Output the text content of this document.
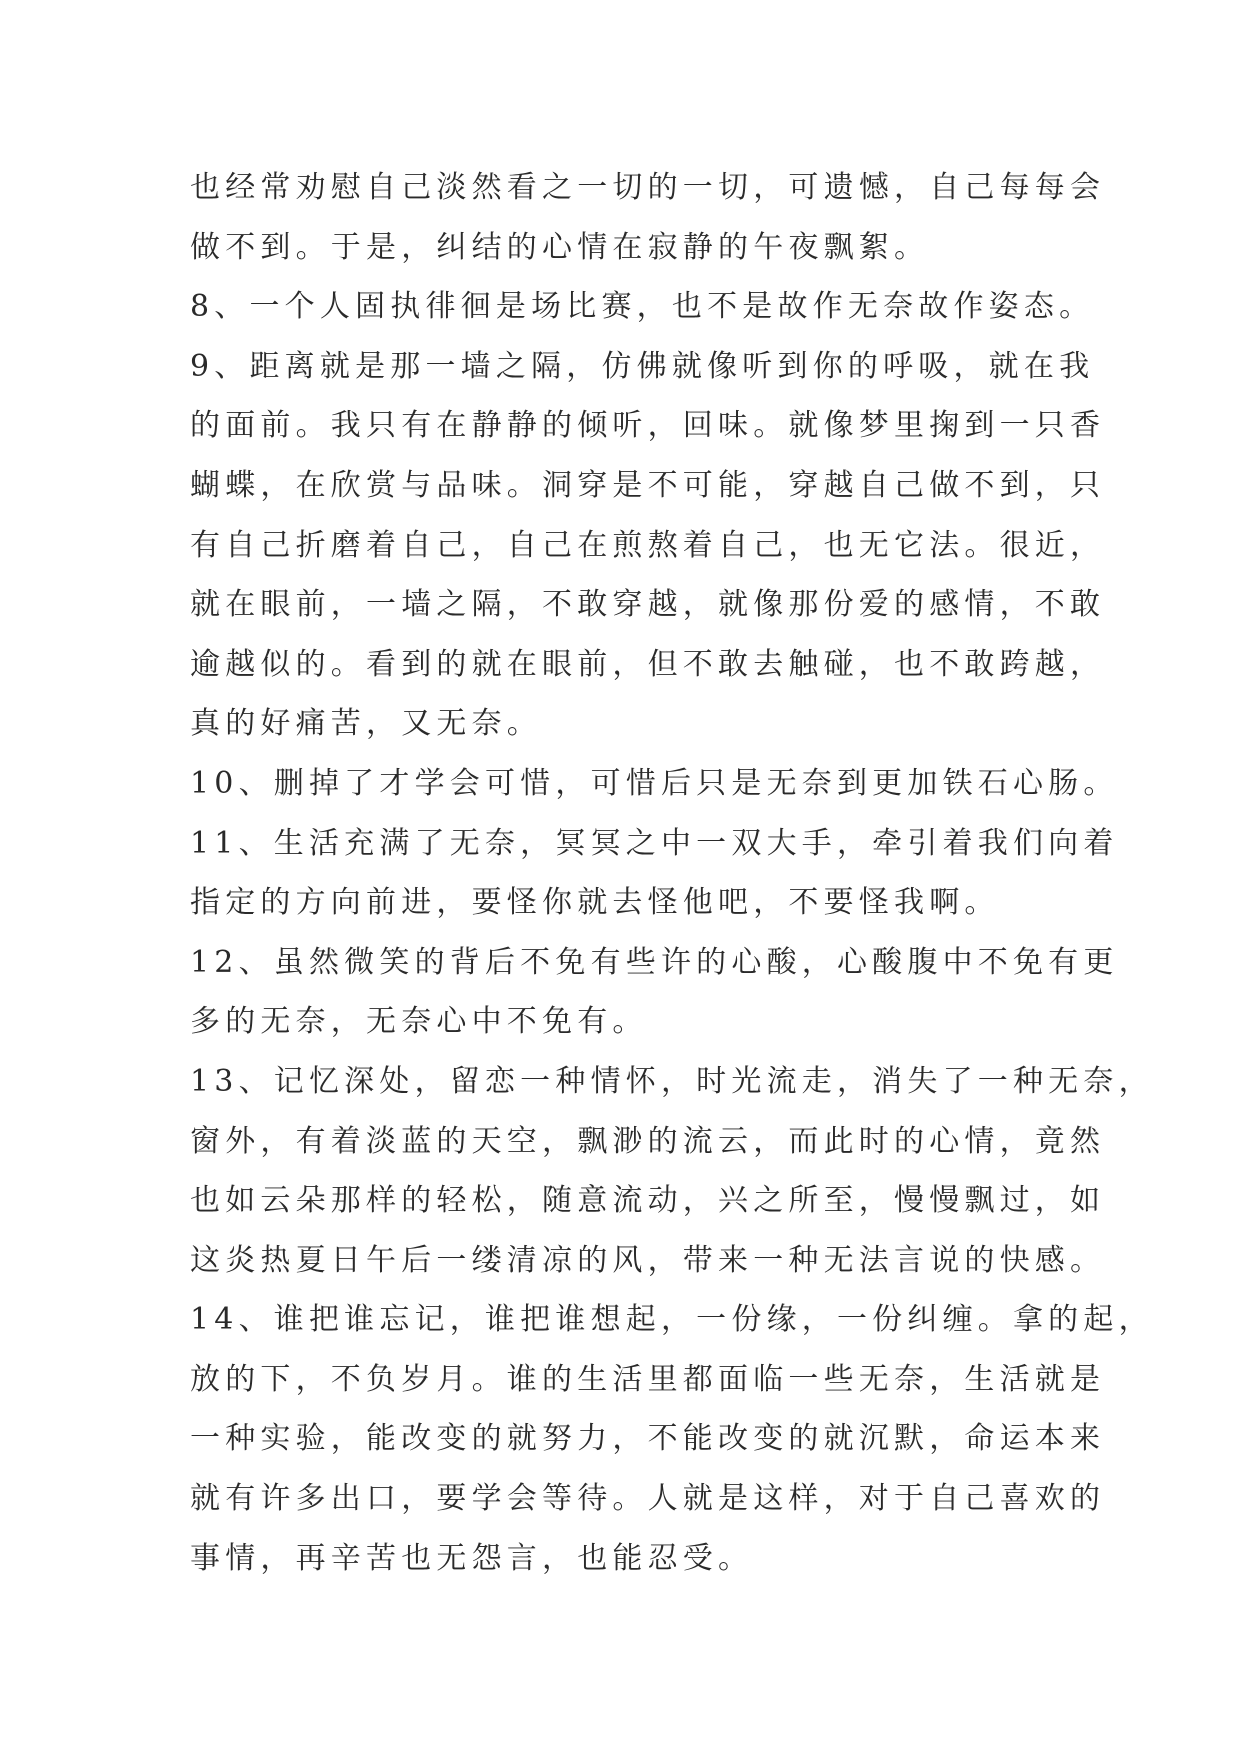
也经常劝慰自己淡然看之一切的一切，可遗憾，自己每每会
做不到。于是，纠结的心情在寂静的午夜飘絮。
8、一个人固执徘徊是场比赛，也不是故作无奈故作姿态。
9、距离就是那一墙之隔，仿佛就像听到你的呼吸，就在我
的面前。我只有在静静的倾听，回味。就像梦里掬到一只香
蝴蝶，在欣赏与品味。洞穿是不可能，穿越自己做不到，只
有自己折磨着自己，自己在煎熬着自己，也无它法。很近，
就在眼前，一墙之隔，不敢穿越，就像那份爱的感情，不敢
逾越似的。看到的就在眼前，但不敢去触碰，也不敢跨越，
真的好痛苦，又无奈。
10、删掉了才学会可惜，可惜后只是无奈到更加铁石心肠。
11、生活充满了无奈，冥冥之中一双大手，牵引着我们向着
指定的方向前进，要怪你就去怪他吧，不要怪我啊。
12、虽然微笑的背后不免有些许的心酸，心酸腹中不免有更
多的无奈，无奈心中不免有。
13、记忆深处，留恋一种情怀，时光流走，消失了一种无奈，
窗外，有着淡蓝的天空，飘渺的流云，而此时的心情，竟然
也如云朵那样的轻松，随意流动，兴之所至，慢慢飘过，如
这炎热夏日午后一缕清凉的风，带来一种无法言说的快感。
14、谁把谁忘记，谁把谁想起，一份缘，一份纠缠。拿的起，
放的下，不负岁月。谁的生活里都面临一些无奈，生活就是
一种实验，能改变的就努力，不能改变的就沉默，命运本来
就有许多出口，要学会等待。人就是这样，对于自己喜欢的
事情，再辛苦也无怨言，也能忍受。
